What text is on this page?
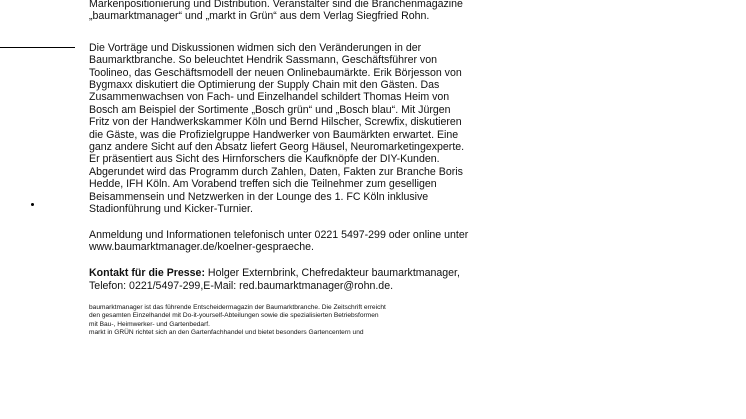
Markenpositionierung und Distribution. Veranstalter sind die Branchenmagazine
„baumarktmanager“ und „markt in Grün“ aus dem Verlag Siegfried Rohn.

Die Vorträge und Diskussionen widmen sich den Veränderungen in der
Baumarktbranche. So beleuchtet Hendrik Sassmann, Geschäftsführer von
Toolineo, das Geschäftsmodell der neuen Onlinebaumärkte. Erik Börjesson von
Bygmaxx diskutiert die Optimierung der Supply Chain mit den Gästen. Das
Zusammenwachsen von Fach- und Einzelhandel schildert Thomas Heim von
Bosch am Beispiel der Sortimente „Bosch grün“ und „Bosch blau“. Mit Jürgen
Fritz von der Handwerkskammer Köln und Bernd Hilscher, Screwfix, diskutieren
die Gäste, was die Profizielgruppe Handwerker von Baumärkten erwartet. Eine
ganz andere Sicht auf den Absatz liefert Georg Häusel, Neuromarketingexperte.
Er präsentiert aus Sicht des Hirnforschers die Kaufknöpfe der DIY-Kunden.
Abgerundet wird das Programm durch Zahlen, Daten, Fakten zur Branche Boris
Hedde, IFH Köln. Am Vorabend treffen sich die Teilnehmer zum geselligen
Beisammensein und Netzwerken in der Lounge des 1. FC Köln inklusive
Stadionführung und Kicker-Turnier.

Anmeldung und Informationen telefonisch unter 0221 5497-299 oder online unter
www.baumarktmanager.de/koelner-gespraeche.

Kontakt für die Presse: Holger Externbrink, Chefredakteur baumarktmanager,
Telefon: 0221/5497-299,E-Mail: red.baumarktmanager@rohn.de.

baumarktmanager ist das führende Entscheidermagazin der Baumarktbranche. Die Zeitschrift erreicht
den gesamten Einzelhandel mit Do-it-yourself-Abteilungen sowie die spezialisierten Betriebsformen
mit Bau-, Heimwerker- und Gartenbedarf.
markt in GRÜN richtet sich an den Gartenfachhandel und bietet besonders Gartencentern und
